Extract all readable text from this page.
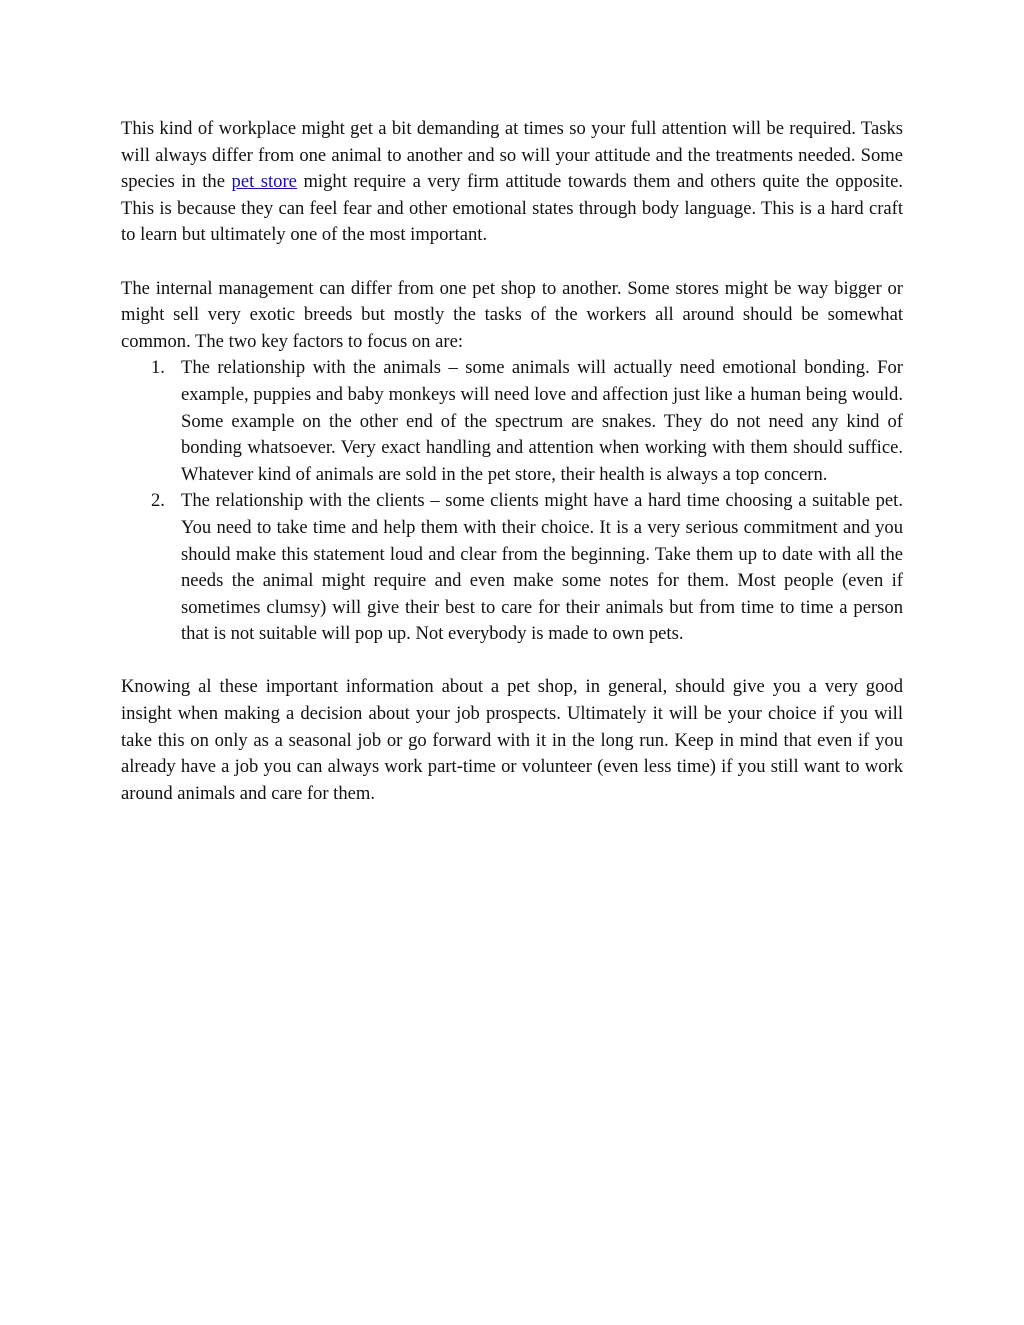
This kind of workplace might get a bit demanding at times so your full attention will be required. Tasks will always differ from one animal to another and so will your attitude and the treatments needed. Some species in the pet store might require a very firm attitude towards them and others quite the opposite. This is because they can feel fear and other emotional states through body language. This is a hard craft to learn but ultimately one of the most important.

The internal management can differ from one pet shop to another. Some stores might be way bigger or might sell very exotic breeds but mostly the tasks of the workers all around should be somewhat common. The two key factors to focus on are:

1. The relationship with the animals – some animals will actually need emotional bonding. For example, puppies and baby monkeys will need love and affection just like a human being would. Some example on the other end of the spectrum are snakes. They do not need any kind of bonding whatsoever. Very exact handling and attention when working with them should suffice. Whatever kind of animals are sold in the pet store, their health is always a top concern.
2. The relationship with the clients – some clients might have a hard time choosing a suitable pet. You need to take time and help them with their choice. It is a very serious commitment and you should make this statement loud and clear from the beginning. Take them up to date with all the needs the animal might require and even make some notes for them. Most people (even if sometimes clumsy) will give their best to care for their animals but from time to time a person that is not suitable will pop up. Not everybody is made to own pets.

Knowing al these important information about a pet shop, in general, should give you a very good insight when making a decision about your job prospects. Ultimately it will be your choice if you will take this on only as a seasonal job or go forward with it in the long run. Keep in mind that even if you already have a job you can always work part-time or volunteer (even less time) if you still want to work around animals and care for them.
